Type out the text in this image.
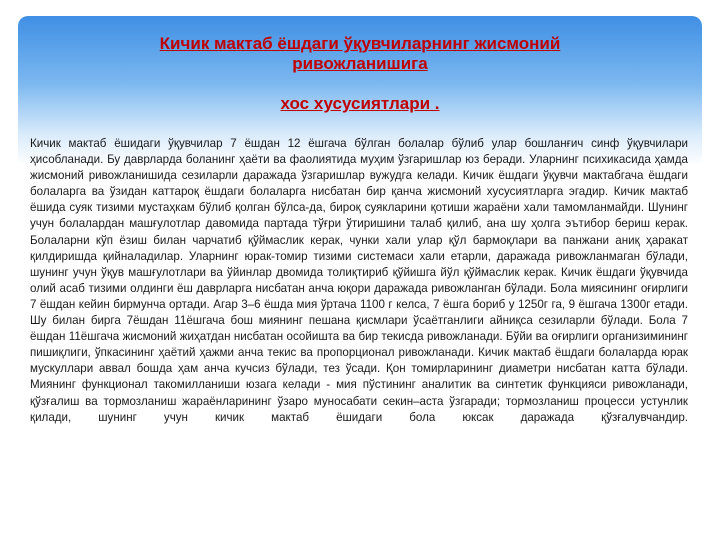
Кичик мактаб ёшдаги ўқувчиларнинг жисмоний ривожланишига
хос хусусиятлари .
Кичик мактаб ёшидаги ўқувчилар 7 ёшдан 12 ёшгача бўлган болалар бўлиб улар бошланғич синф ўқувчилари ҳисобланади. Бу даврларда боланинг ҳаёти ва фаолиятида муҳим ўзгаришлар юз беради. Уларнинг психикасида ҳамда жисмоний ривожланишида сезиларли даражада ўзгаришлар вужудга келади. Кичик ёшдаги ўқувчи мактабгача ёшдаги болаларга ва ўзидан каттароқ ёшдаги болаларга нисбатан бир қанча жисмоний хусусиятларга эгадир. Кичик мактаб ёшида суяк тизими мустаҳкам бўлиб қолган бўлса-да, бироқ суякларини қотиши жараёни хали тамомланмайди. Шунинг учун болалардан машғулотлар давомида партада тўғри ўтиришини талаб қилиб, ана шу ҳолга эътибор бериш керак. Болаларни кўп ёзиш билан чарчатиб қўймаслик керак, чунки хали улар қўл бармоқлари ва панжани аниқ ҳаракат қилдиришда қийналадилар. Уларнинг юрак-томир тизими системаси хали етарли, даражада ривожланмаган бўлади, шунинг учун ўқув машғулотлари ва ўйинлар двомида толиқтириб қўйишга йўл қўймаслик керак. Кичик ёшдаги ўқувчида олий асаб тизими олдинги ёш даврларга нисбатан анча юқори даражада ривожланган бўлади. Бола миясининг оғирлиги 7 ёшдан кейин бирмунча ортади. Агар 3–6 ёшда мия ўртача 1100 г келса, 7 ёшга бориб у 1250г га, 9 ёшгача 1300г етади. Шу билан бирга 7ёшдан 11ёшгача бош миянинг пешана қисмлари ўсаётганлиги айниқса сезиларли бўлади. Бола 7 ёшдан 11ёшгача жисмоний жиҳатдан нисбатан осойишта ва бир текисда ривожланади. Бўйи ва оғирлиги организимининг пишиқлиги, ўпкасининг ҳаётий ҳажми анча текис ва пропорционал ривожланади. Кичик мактаб ёшдаги болаларда юрак мускуллари аввал бошда ҳам анча кучсиз бўлади, тез ўсади. Қон томирларининг диаметри нисбатан катта бўлади. Миянинг функционал такомилланиши юзага келади - мия пўстининг аналитик ва синтетик функцияси ривожланади, қўзғалиш ва тормозланиш жараёнларининг ўзаро муносабати секин–аста ўзгаради; тормозланиш процесси устунлик қилади, шунинг учун кичик мактаб ёшидаги бола юксак даражада қўзғалувчандир.
